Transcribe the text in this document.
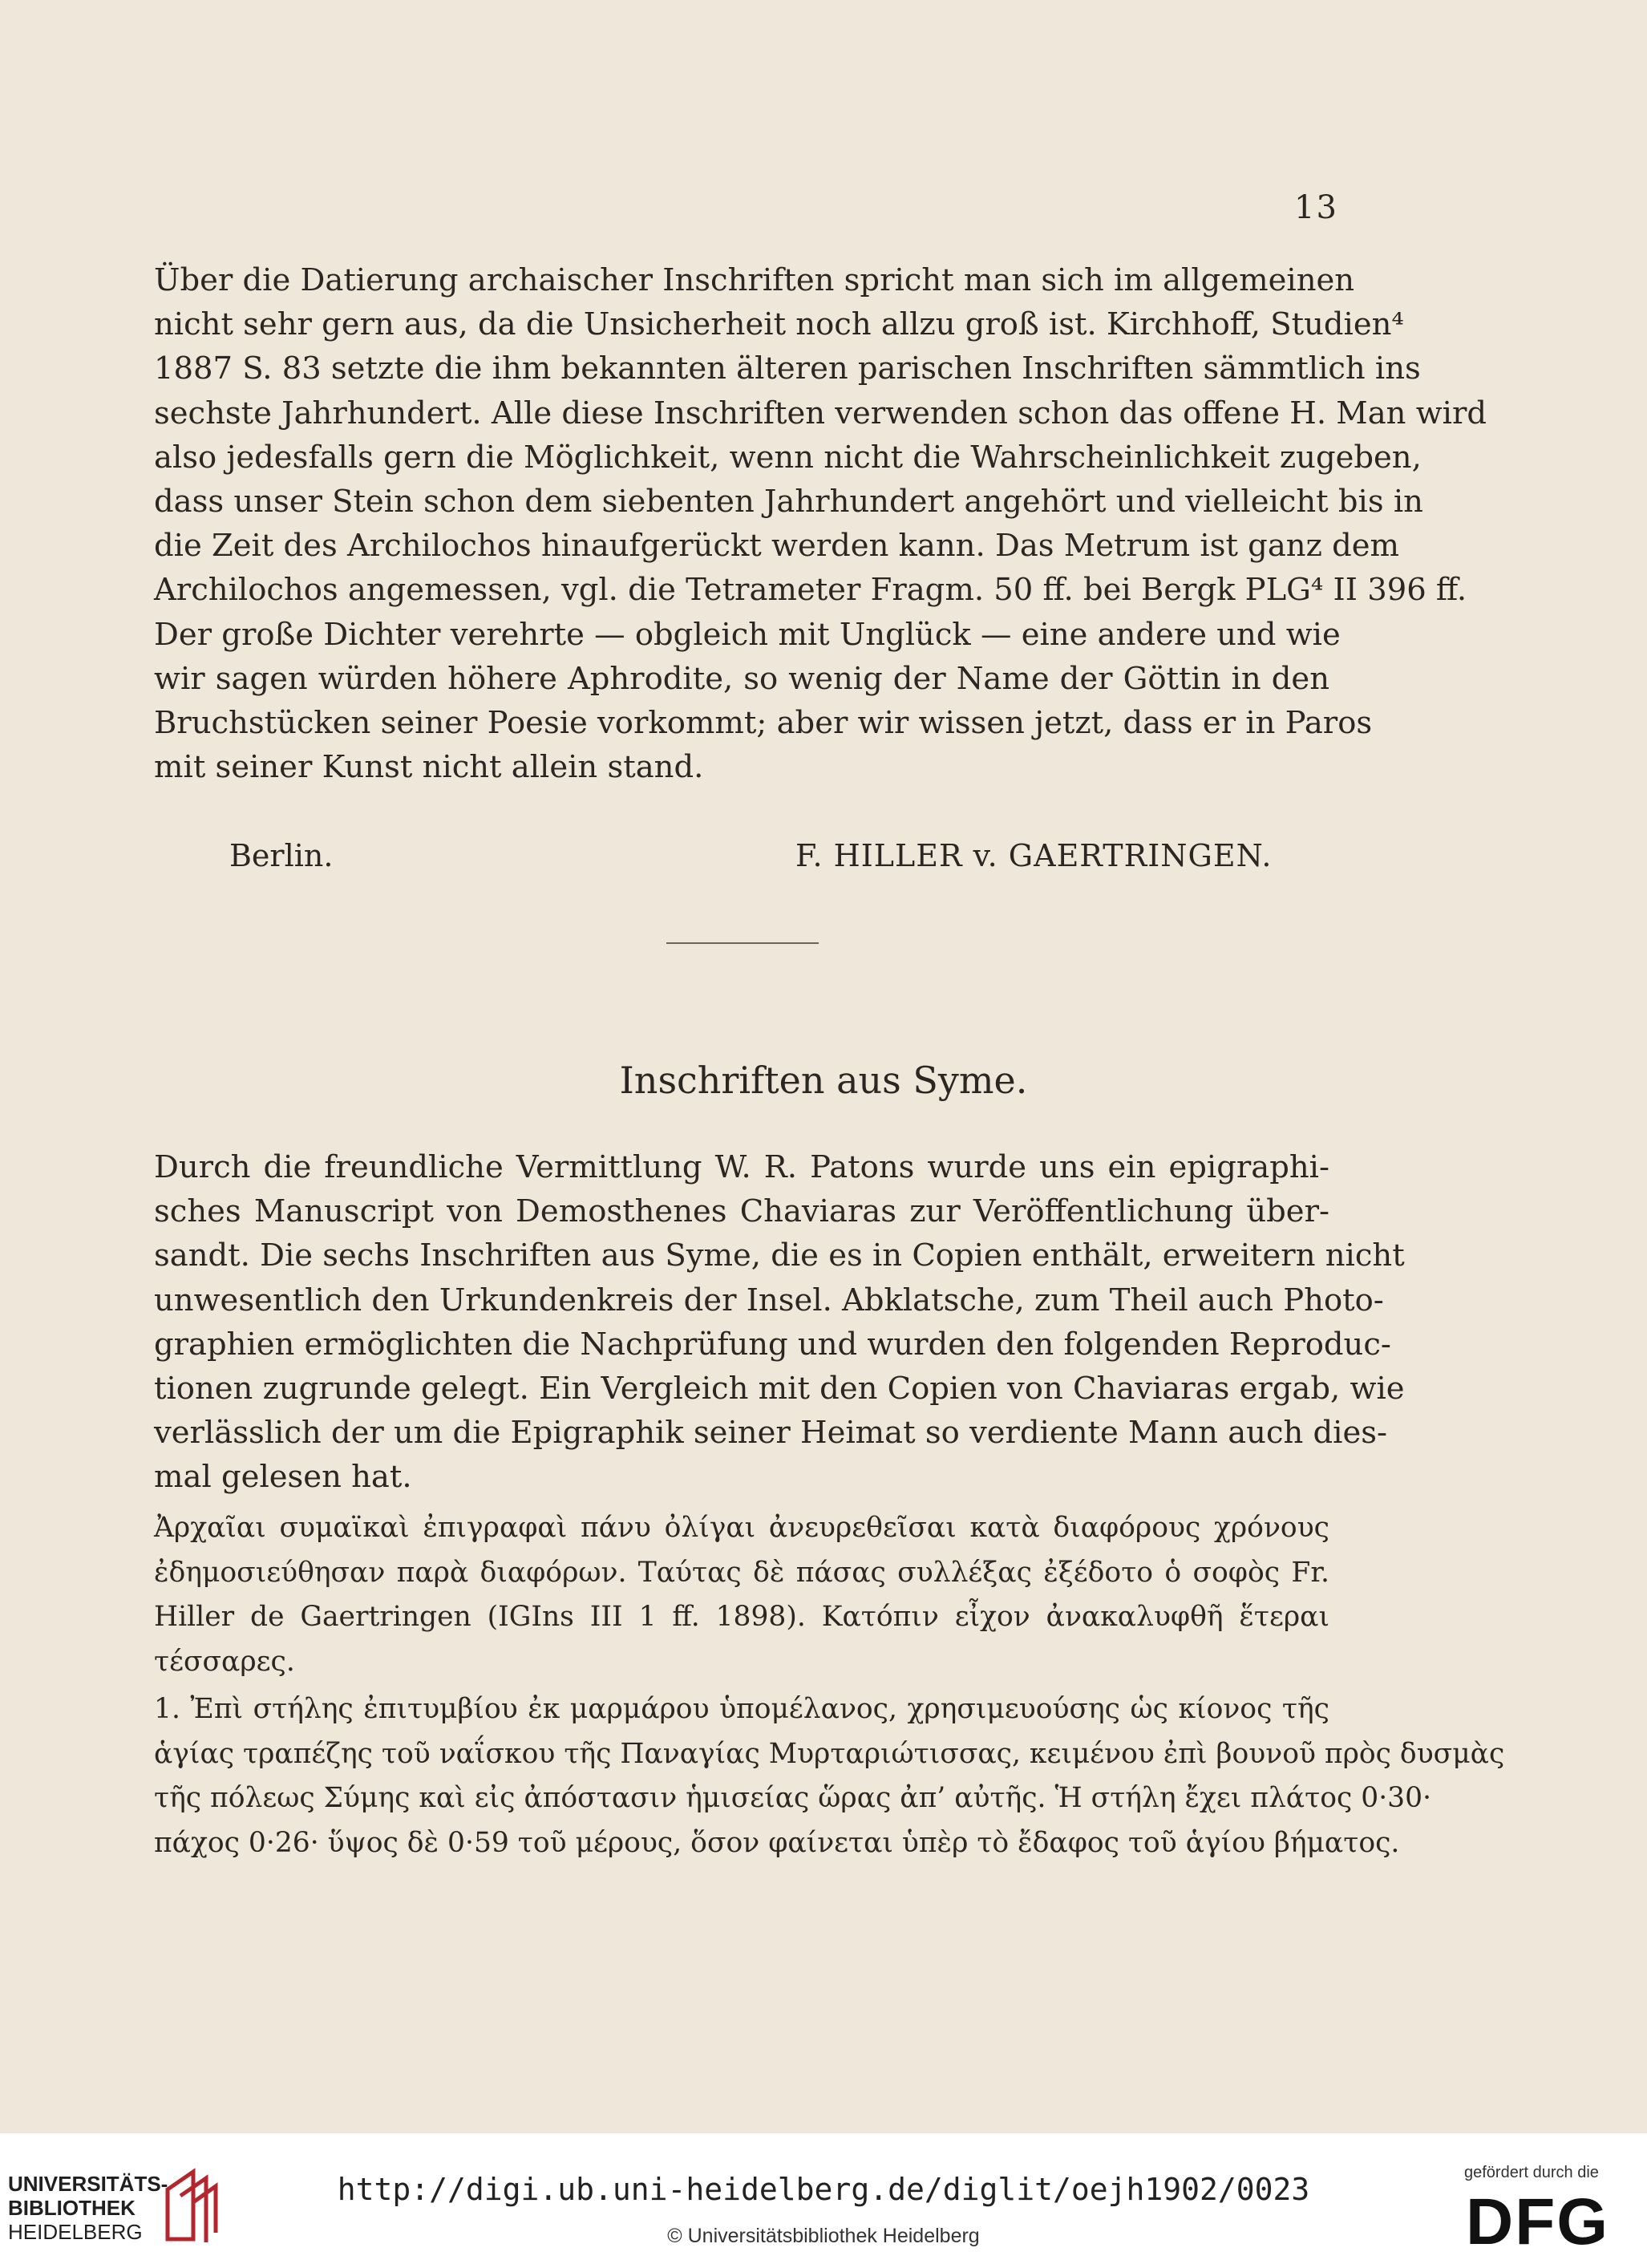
13
Über die Datierung archaischer Inschriften spricht man sich im allgemeinen
nicht sehr gern aus, da die Unsicherheit noch allzu groß ist. Kirchhoff, Studien⁴
1887 S. 83 setzte die ihm bekannten älteren parischen Inschriften sämmtlich ins
sechste Jahrhundert. Alle diese Inschriften verwenden schon das offene H. Man wird
also jedesfalls gern die Möglichkeit, wenn nicht die Wahrscheinlichkeit zugeben,
dass unser Stein schon dem siebenten Jahrhundert angehört und vielleicht bis in
die Zeit des Archilochos hinaufgerückt werden kann. Das Metrum ist ganz dem
Archilochos angemessen, vgl. die Tetrameter Fragm. 50 ff. bei Bergk PLG⁴ II 396 ff.
Der große Dichter verehrte — obgleich mit Unglück — eine andere und wie
wir sagen würden höhere Aphrodite, so wenig der Name der Göttin in den
Bruchstücken seiner Poesie vorkommt; aber wir wissen jetzt, dass er in Paros
mit seiner Kunst nicht allein stand.
Berlin.	F. HILLER v. GAERTRINGEN.
Inschriften aus Syme.
Durch die freundliche Vermittlung W. R. Patons wurde uns ein epigraphi-
sches Manuscript von Demosthenes Chaviaras zur Veröffentlichung über-
sandt. Die sechs Inschriften aus Syme, die es in Copien enthält, erweitern nicht
unwesentlich den Urkundenkreis der Insel. Abklatsche, zum Theil auch Photo-
graphien ermöglichten die Nachprüfung und wurden den folgenden Reproduc-
tionen zugrunde gelegt. Ein Vergleich mit den Copien von Chaviaras ergab, wie
verlässlich der um die Epigraphik seiner Heimat so verdiente Mann auch dies-
mal gelesen hat.
Ἀρχαῖαι συμαϊκαὶ ἐπιγραφαὶ πάνυ ὀλίγαι ἀνευρεθεῖσαι κατὰ διαφόρους χρόνους
ἐδημοσιεύθησαν παρὰ διαφόρων. Ταύτας δὲ πάσας συλλέξας ἐξέδοτο ὁ σοφὸς Fr.
Hiller de Gaertringen (IGIns III 1 ff. 1898). Κατόπιν εἶχον ἀνακαλυφθῆ ἕτεραι
τέσσαρες.
1. Ἐπὶ στήλης ἐπιτυμβίου ἐκ μαρμάρου ὑπομέλανος, χρησιμευούσης ὡς κίονος τῆς
ἁγίας τραπέζης τοῦ ναΐσκου τῆς Παναγίας Μυρταριώτισσας, κειμένου ἐπὶ βουνοῦ πρὸς δυσμὰς
τῆς πόλεως Σύμης καὶ εἰς ἀπόστασιν ἡμισείας ὥρας ἀπ’ αὐτῆς. Ἡ στήλη ἔχει πλάτος 0·30·
πάχος 0·26· ὕψος δὲ 0·59 τοῦ μέρους, ὅσον φαίνεται ὑπὲρ τὸ ἔδαφος τοῦ ἁγίου βήματος.
UNIVERSITÄTS-
BIBLIOTHEK
HEIDELBERG
http://digi.ub.uni-heidelberg.de/diglit/oejh1902/0023
© Universitätsbibliothek Heidelberg
gefördert durch die
DFG
